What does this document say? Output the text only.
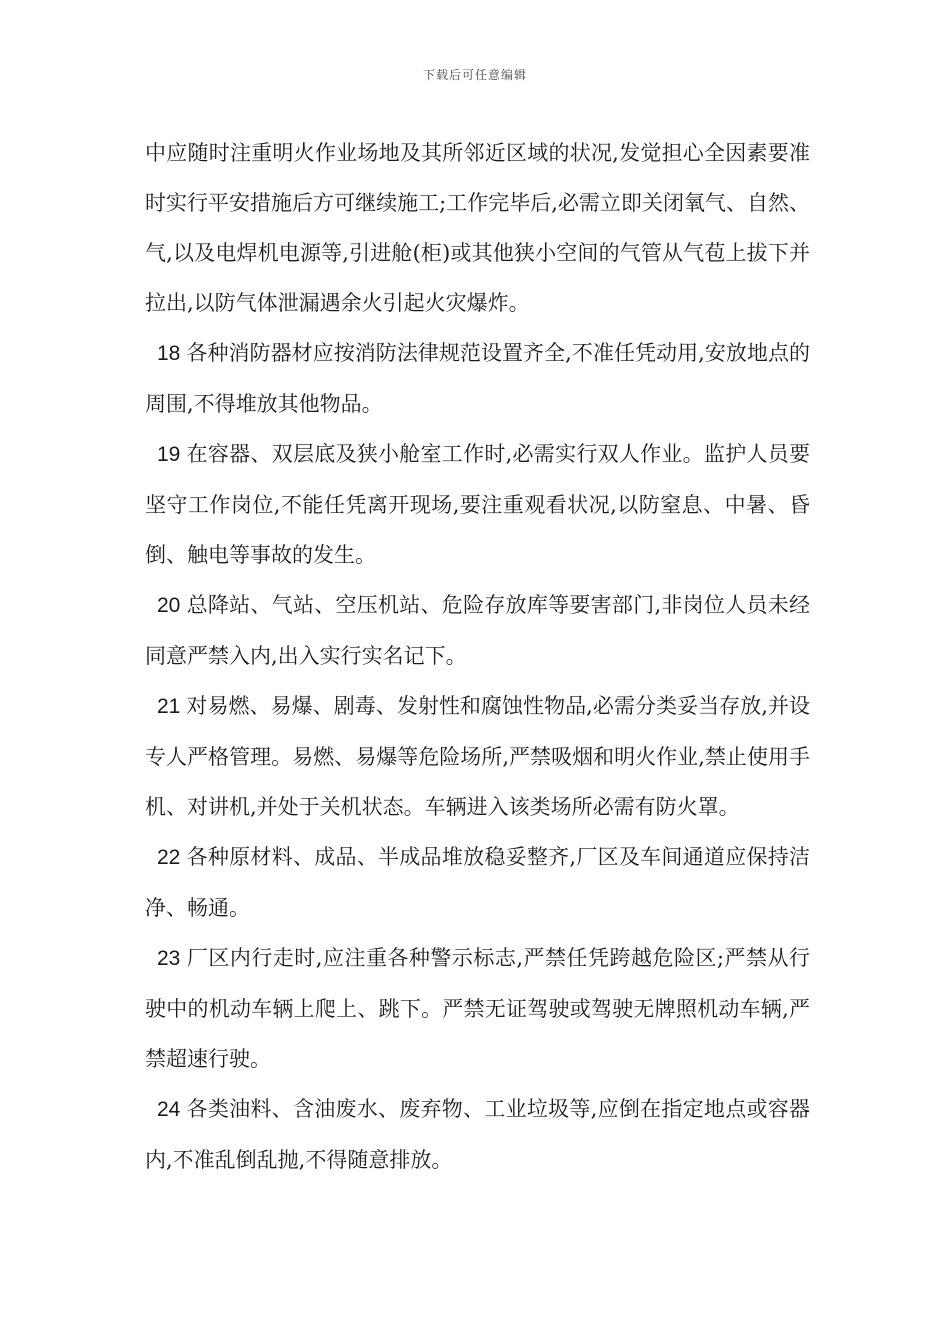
下载后可任意编辑

中应随时注重明火作业场地及其所邻近区域的状况,发觉担心全因素要准时实行平安措施后方可继续施工;工作完毕后,必需立即关闭氧气、自然、气,以及电焊机电源等,引进舱(柜)或其他狭小空间的气管从气苞上拔下并拉出,以防气体泄漏遇余火引起火灾爆炸。

18 各种消防器材应按消防法律规范设置齐全,不准任凭动用,安放地点的周围,不得堆放其他物品。

19 在容器、双层底及狭小舱室工作时,必需实行双人作业。监护人员要坚守工作岗位,不能任凭离开现场,要注重观看状况,以防窒息、中暑、昏倒、触电等事故的发生。

20 总降站、气站、空压机站、危险存放库等要害部门,非岗位人员未经同意严禁入内,出入实行实名记下。

21 对易燃、易爆、剧毒、发射性和腐蚀性物品,必需分类妥当存放,并设专人严格管理。易燃、易爆等危险场所,严禁吸烟和明火作业,禁止使用手机、对讲机,并处于关机状态。车辆进入该类场所必需有防火罩。

22 各种原材料、成品、半成品堆放稳妥整齐,厂区及车间通道应保持洁净、畅通。

23 厂区内行走时,应注重各种警示标志,严禁任凭跨越危险区;严禁从行驶中的机动车辆上爬上、跳下。严禁无证驾驶或驾驶无牌照机动车辆,严禁超速行驶。

24 各类油料、含油废水、废弃物、工业垃圾等,应倒在指定地点或容器内,不准乱倒乱抛,不得随意排放。
